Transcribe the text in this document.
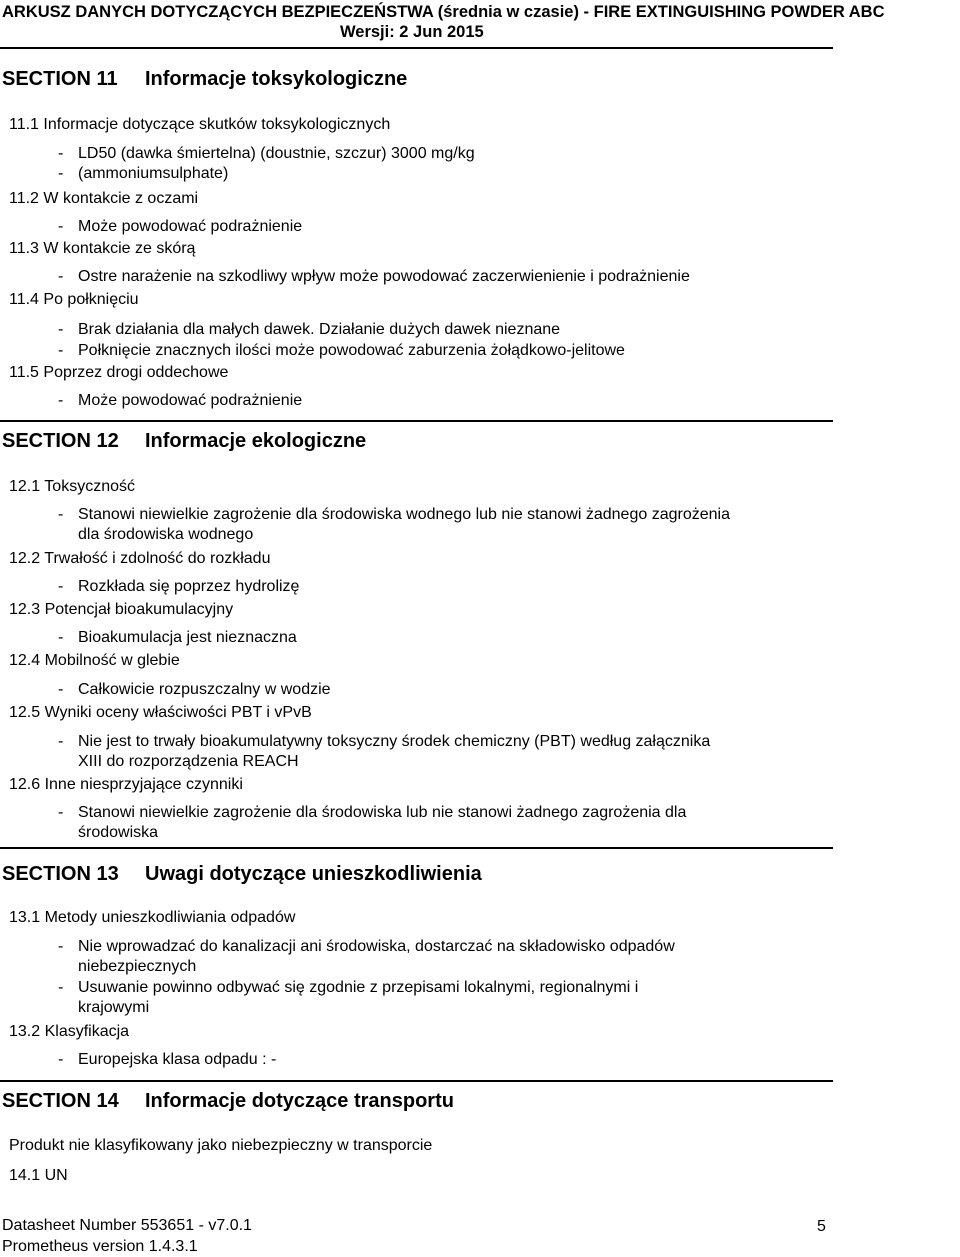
ARKUSZ DANYCH DOTYCZĄCYCH BEZPIECZEŃSTWA (średnia w czasie) - FIRE EXTINGUISHING POWDER ABC
Wersji: 2 Jun 2015
SECTION 11 Informacje toksykologiczne
11.1 Informacje dotyczące skutków toksykologicznych
- LD50 (dawka śmiertelna) (doustnie, szczur) 3000 mg/kg
- (ammoniumsulphate)
11.2 W kontakcie z oczami
- Może powodować podrażnienie
11.3 W kontakcie ze skórą
- Ostre narażenie na szkodliwy wpływ może powodować zaczerwienienie i podrażnienie
11.4 Po połknięciu
- Brak działania dla małych dawek. Działanie dużych dawek nieznane
- Połknięcie znacznych ilości może powodować zaburzenia żołądkowo-jelitowe
11.5 Poprzez drogi oddechowe
- Może powodować podrażnienie
SECTION 12 Informacje ekologiczne
12.1 Toksyczność
- Stanowi niewielkie zagrożenie dla środowiska wodnego lub nie stanowi żadnego zagrożenia dla środowiska wodnego
12.2 Trwałość i zdolność do rozkładu
- Rozkłada się poprzez hydrolizę
12.3 Potencjał bioakumulacyjny
- Bioakumulacja jest nieznaczna
12.4 Mobilność w glebie
- Całkowicie rozpuszczalny w wodzie
12.5 Wyniki oceny właściwości PBT i vPvB
- Nie jest to trwały bioakumulatywny toksyczny środek chemiczny (PBT) według załącznika XIII do rozporządzenia REACH
12.6 Inne niesprzyjające czynniki
- Stanowi niewielkie zagrożenie dla środowiska lub nie stanowi żadnego zagrożenia dla środowiska
SECTION 13 Uwagi dotyczące unieszkodliwienia
13.1 Metody unieszkodliwiania odpadów
- Nie wprowadzać do kanalizacji ani środowiska, dostarczać na składowisko odpadów niebezpiecznych
- Usuwanie powinno odbywać się zgodnie z przepisami lokalnymi, regionalnymi i krajowymi
13.2 Klasyfikacja
- Europejska klasa odpadu : -
SECTION 14 Informacje dotyczące transportu
Produkt nie klasyfikowany jako niebezpieczny w transporcie
14.1 UN
Datasheet Number 553651 - v7.0.1
Prometheus version 1.4.3.1
5
